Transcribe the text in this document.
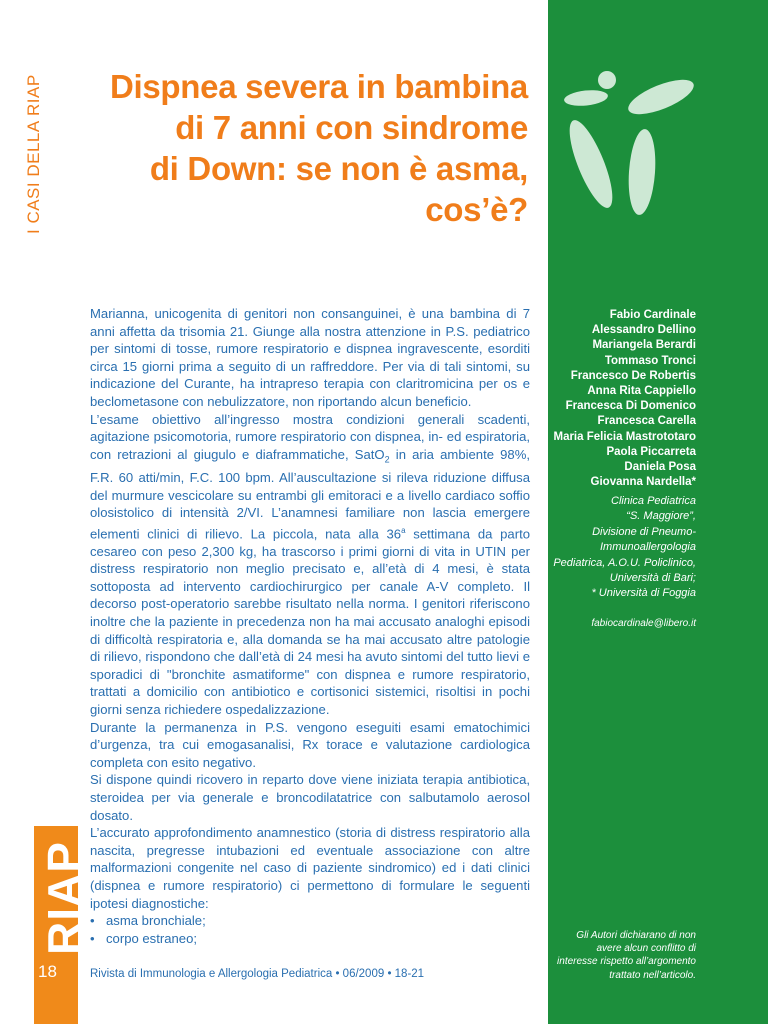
I CASI DELLA RIAP
RIAP
18
Dispnea severa in bambina
di 7 anni con sindrome
di Down: se non è asma,
cos’è?

Marianna, unicogenita di genitori non consanguinei, è una bambina di 7 anni affetta da trisomia 21. Giunge alla nostra attenzione in P.S. pediatrico per sintomi di tosse, rumore respiratorio e dispnea ingravescente, esorditi circa 15 giorni prima a seguito di un raffreddore. Per via di tali sintomi, su indicazione del Curante, ha intrapreso terapia con claritromicina per os e beclometasone con nebulizzatore, non riportando alcun beneficio.

L’esame obiettivo all’ingresso mostra condizioni generali scadenti, agitazione psicomotoria, rumore respiratorio con dispnea, in- ed espiratoria, con retrazioni al giugulo e diaframmatiche, SatO$_2$ in aria ambiente 98%, F.R. 60 atti/min, F.C. 100 bpm. All’auscultazione si rileva riduzione diffusa del murmure vescicolare su entrambi gli emitoraci e a livello cardiaco soffio olosistolico di intensità 2/VI. L’anamnesi familiare non lascia emergere elementi clinici di rilievo. La piccola, nata alla 36$^a$ settimana da parto cesareo con peso 2,300 kg, ha trascorso i primi giorni di vita in UTIN per distress respiratorio non meglio precisato e, all’età di 4 mesi, è stata sottoposta ad intervento cardiochirurgico per canale A-V completo. Il decorso post-operatorio sarebbe risultato nella norma. I genitori riferiscono inoltre che la paziente in precedenza non ha mai accusato analoghi episodi di difficoltà respiratoria e, alla domanda se ha mai accusato altre patologie di rilievo, rispondono che dall’età di 24 mesi ha avuto sintomi del tutto lievi e sporadici di "bronchite asmatiforme" con dispnea e rumore respiratorio, trattati a domicilio con antibiotico e cortisonici sistemici, risoltisi in pochi giorni senza richiedere ospedalizzazione.

Durante la permanenza in P.S. vengono eseguiti esami ematochimici d’urgenza, tra cui emogasanalisi, Rx torace e valutazione cardiologica completa con esito negativo.

Si dispone quindi ricovero in reparto dove viene iniziata terapia antibiotica, steroidea per via generale e broncodilatatrice con salbutamolo aerosol dosato.

L’accurato approfondimento anamnestico (storia di distress respiratorio alla nascita, pregresse intubazioni ed eventuale associazione con altre malformazioni congenite nel caso di paziente sindromico) ed i dati clinici (dispnea e rumore respiratorio) ci permettono di formulare le seguenti ipotesi diagnostiche:

• asma bronchiale;
• corpo estraneo;
Rivista di Immunologia e Allergologia Pediatrica • 06/2009 • 18-21
Fabio Cardinale
Alessandro Dellino
Mariangela Berardi
Tommaso Tronci
Francesco De Robertis
Anna Rita Cappiello
Francesca Di Domenico
Francesca Carella
Maria Felicia Mastrototaro
Paola Piccarreta
Daniela Posa
Giovanna Nardella*
Clinica Pediatrica
“S. Maggiore”,
Divisione di Pneumo-
Immunoallergologia
Pediatrica, A.O.U. Policlinico,
Università di Bari;
* Università di Foggia
fabiocardinale@libero.it
Gli Autori dichiarano di non
avere alcun conflitto di
interesse rispetto all’argomento
trattato nell’articolo.
